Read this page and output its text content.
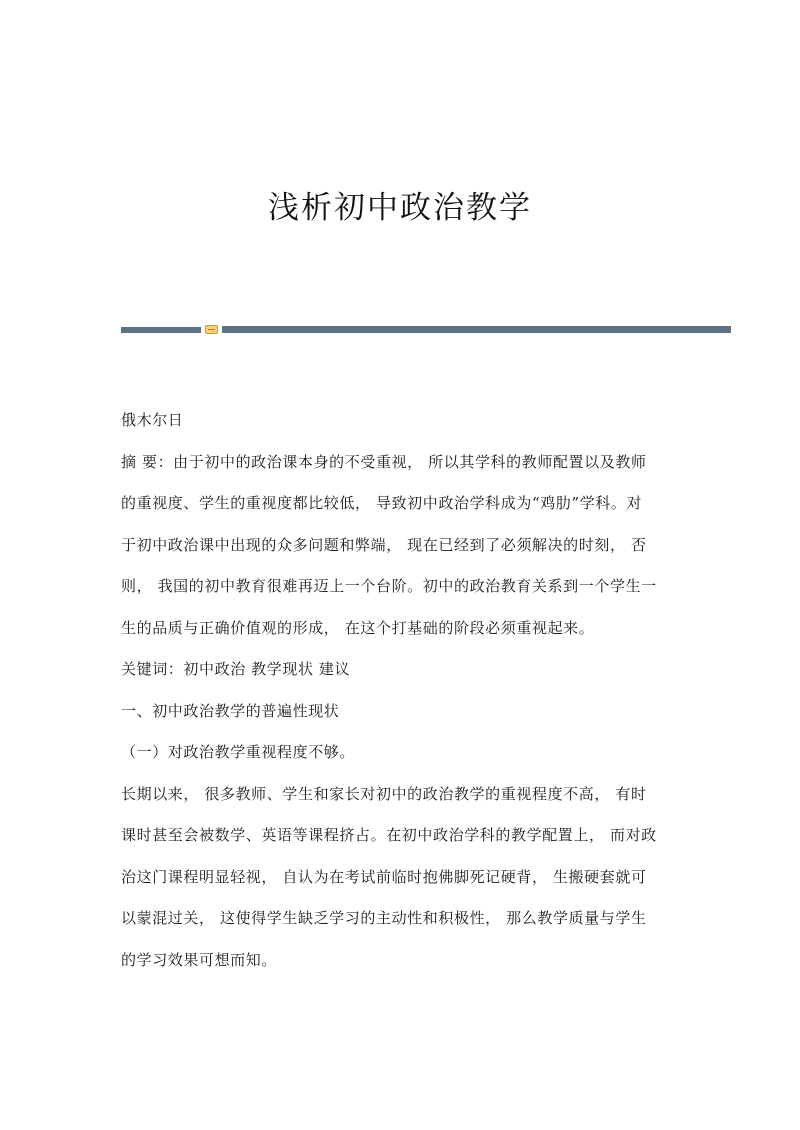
浅析初中政治教学

俄木尔日

摘 要：由于初中的政治课本身的不受重视， 所以其学科的教师配置以及教师

的重视度、学生的重视度都比较低， 导致初中政治学科成为“鸡肋”学科。对

于初中政治课中出现的众多问题和弊端， 现在已经到了必须解决的时刻， 否

则， 我国的初中教育很难再迈上一个台阶。初中的政治教育关系到一个学生一

生的品质与正确价值观的形成， 在这个打基础的阶段必须重视起来。

关键词：初中政治 教学现状 建议

一、初中政治教学的普遍性现状

（一）对政治教学重视程度不够。

长期以来， 很多教师、学生和家长对初中的政治教学的重视程度不高， 有时

课时甚至会被数学、英语等课程挤占。在初中政治学科的教学配置上， 而对政

治这门课程明显轻视， 自认为在考试前临时抱佛脚死记硬背， 生搬硬套就可

以蒙混过关， 这使得学生缺乏学习的主动性和积极性， 那么教学质量与学生

的学习效果可想而知。
